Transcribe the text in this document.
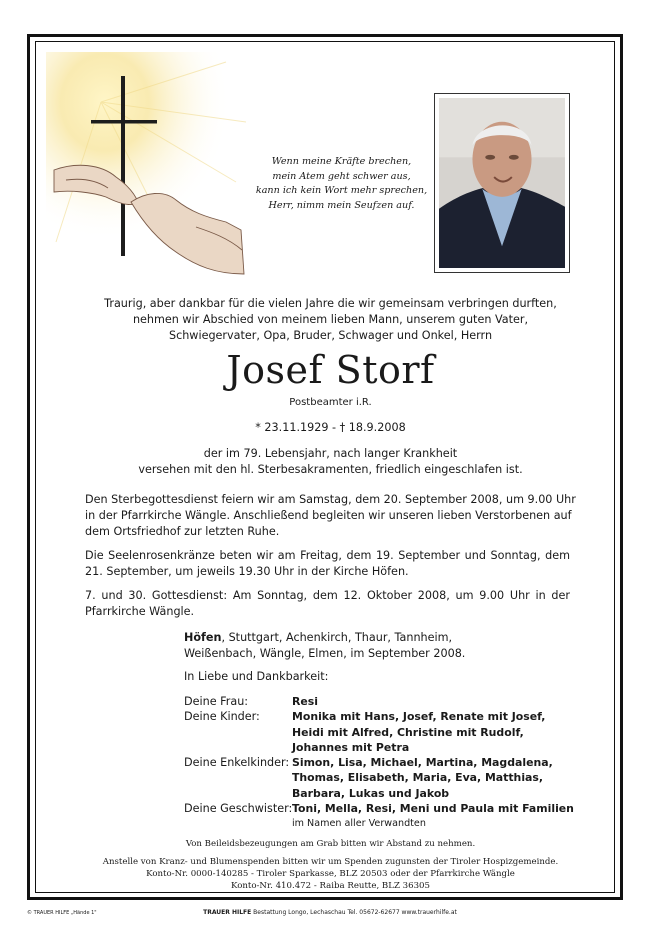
Wenn meine Kräfte brechen,
mein Atem geht schwer aus,
kann ich kein Wort mehr sprechen,
Herr, nimm mein Seufzen auf.
Traurig, aber dankbar für die vielen Jahre die wir gemeinsam verbringen durften,
nehmen wir Abschied von meinem lieben Mann, unserem guten Vater,
Schwiegervater, Opa, Bruder, Schwager und Onkel, Herrn
Josef Storf
Postbeamter i.R.
* 23.11.1929 - † 18.9.2008
der im 79. Lebensjahr, nach langer Krankheit
versehen mit den hl. Sterbesakramenten, friedlich eingeschlafen ist.
Den Sterbegottesdienst feiern wir am Samstag, dem 20. September 2008, um 9.00 Uhr
in der Pfarrkirche Wängle. Anschließend begleiten wir unseren lieben Verstorbenen auf
dem Ortsfriedhof zur letzten Ruhe.
Die Seelenrosenkränze beten wir am Freitag, dem 19. September und Sonntag, dem
21. September, um jeweils 19.30 Uhr in der Kirche Höfen.
7. und 30. Gottesdienst: Am Sonntag, dem 12. Oktober 2008, um 9.00 Uhr in der
Pfarrkirche Wängle.
Höfen, Stuttgart, Achenkirch, Thaur, Tannheim,
Weißenbach, Wängle, Elmen, im September 2008.
In Liebe und Dankbarkeit:
Deine Frau:	Resi
Deine Kinder:	Monika mit Hans, Josef, Renate mit Josef,
Heidi mit Alfred, Christine mit Rudolf,
Johannes mit Petra
Deine Enkelkinder: Simon, Lisa, Michael, Martina, Magdalena,
Thomas, Elisabeth, Maria, Eva, Matthias,
Barbara, Lukas und Jakob
Deine Geschwister: Toni, Mella, Resi, Meni und Paula mit Familien
im Namen aller Verwandten
Von Beileidsbezeugungen am Grab bitten wir Abstand zu nehmen.
Anstelle von Kranz- und Blumenspenden bitten wir um Spenden zugunsten der Tiroler Hospizgemeinde.
Konto-Nr. 0000-140285 - Tiroler Sparkasse, BLZ 20503 oder der Pfarrkirche Wängle
Konto-Nr. 410.472 - Raiba Reutte, BLZ 36305
© TRAUER HILFE „Hände 1"	TRAUER HILFE Bestattung Longo, Lechaschau Tel. 05672-62677 www.trauerhilfe.at
